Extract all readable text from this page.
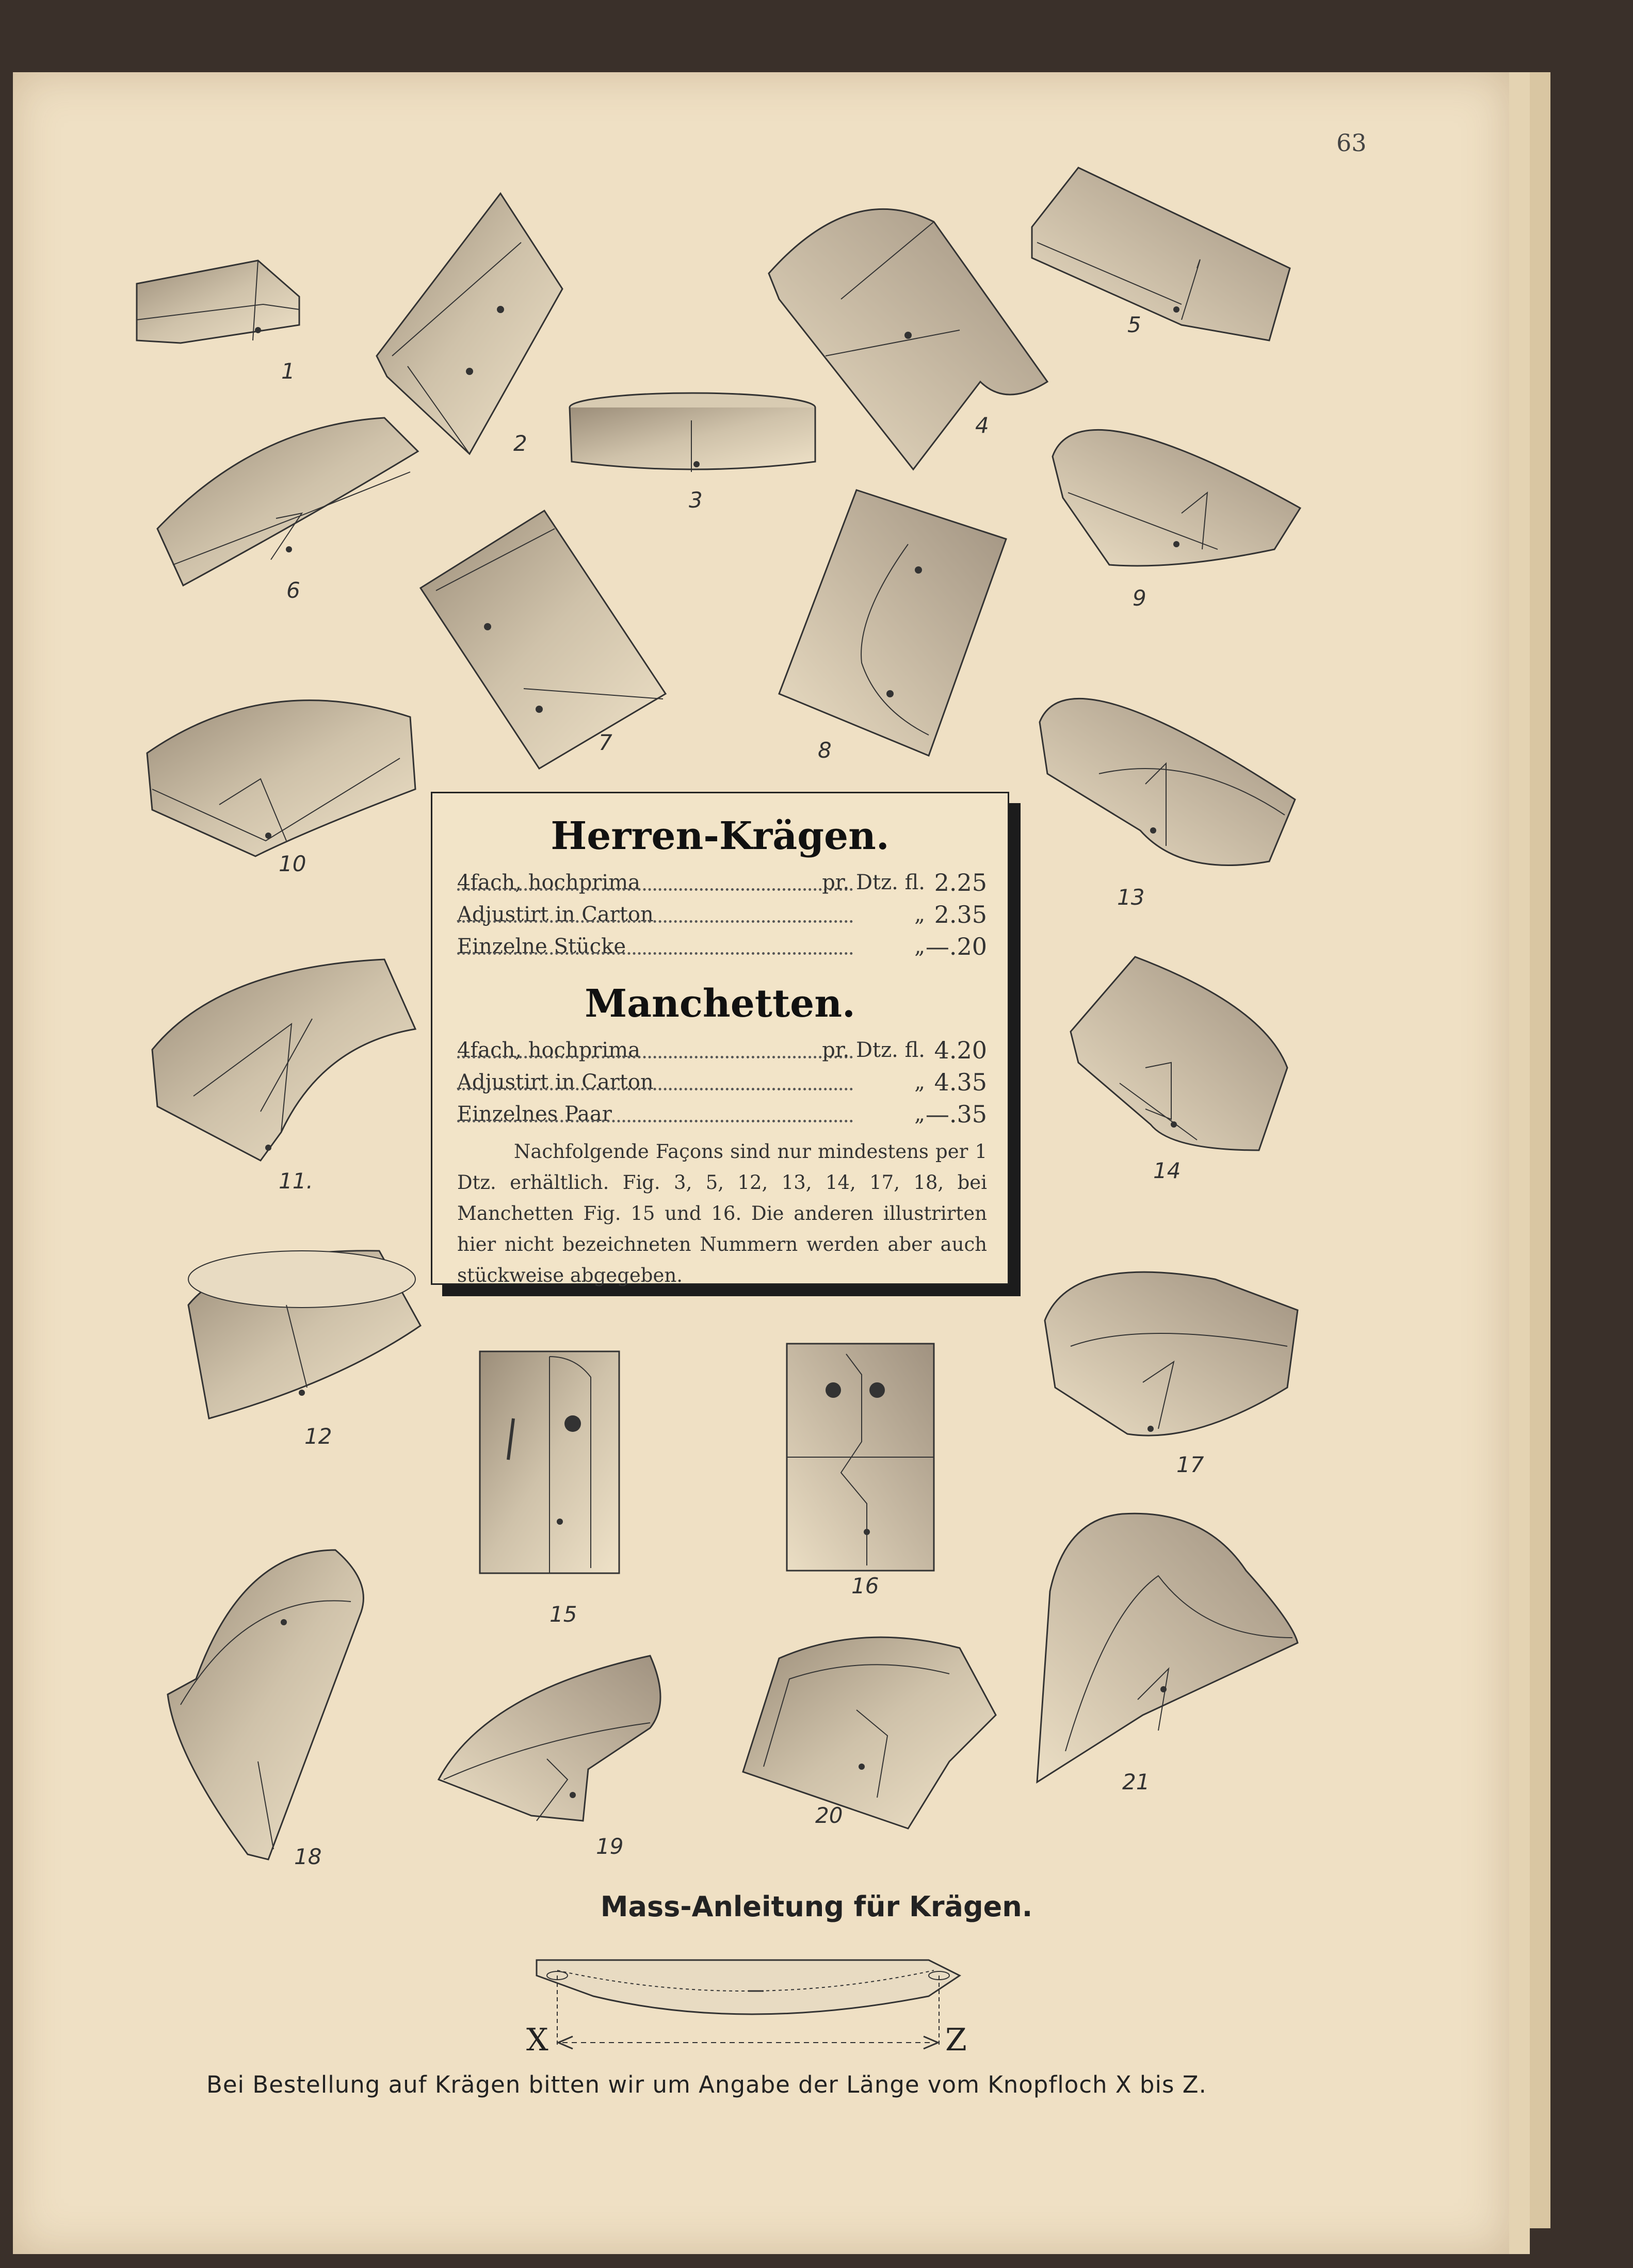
63
1
2
3
4
5
6
7	8
9
10
13
11.	14
12
17
15
16
18	19
20
21
Herren-Krägen.
4fach, hochprima	pr. Dtz. fl. 2.25
Adjustirt in Carton	„ 2.35
Einzelne Stücke	„ —.20
Manchetten.
4fach, hochprima	pr. Dtz. fl. 4.20
Adjustirt in Carton	„ 4.35
Einzelnes Paar	„ —.35
Nachfolgende Façons sind nur mindestens per 1 Dtz. erhältlich. Fig. 3, 5, 12, 13, 14, 17, 18, bei Manchetten Fig. 15 und 16. Die anderen illustrirten hier nicht bezeichneten Nummern werden aber auch stückweise abgegeben.
Mass-Anleitung für Krägen.
X	Z
Bei Bestellung auf Krägen bitten wir um Angabe der Länge vom Knopfloch X bis Z.
